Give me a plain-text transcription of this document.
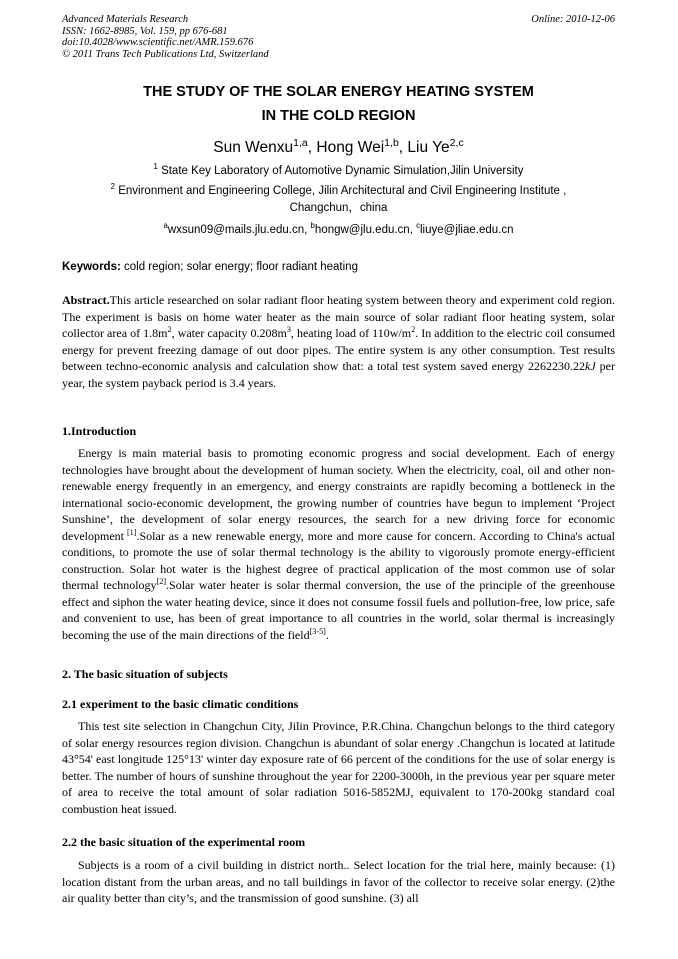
Advanced Materials Research
ISSN: 1662-8985, Vol. 159, pp 676-681
doi:10.4028/www.scientific.net/AMR.159.676
© 2011 Trans Tech Publications Ltd, Switzerland
Online: 2010-12-06
THE STUDY OF THE SOLAR ENERGY HEATING SYSTEM
IN THE COLD REGION
Sun Wenxu$^{1,a}$, Hong Wei$^{1,b}$, Liu Ye$^{2,c}$
$^1$ State Key Laboratory of Automotive Dynamic Simulation,Jilin University
$^2$ Environment and Engineering College, Jilin Architectural and Civil Engineering Institute ,
Changchun，china
$^a$wxsun09@mails.jlu.edu.cn, $^b$hongw@jlu.edu.cn, $^c$liuye@jliae.edu.cn
Keywords: cold region; solar energy; floor radiant heating

Abstract.This article researched on solar radiant floor heating system between theory and experiment cold region. The experiment is basis on home water heater as the main source of solar radiant floor heating system, solar collector area of $1.8m^2$, water capacity $0.208m^3$, heating load of $110w/m^2$. In addition to the electric coil consumed energy for prevent freezing damage of out door pipes. The entire system is any other consumption. Test results between techno-economic analysis and calculation show that: a total test system saved energy 2262230.22kJ per year, the system payback period is 3.4 years.

1.Introduction

Energy is main material basis to promoting economic progress and social development. Each of energy technologies have brought about the development of human society. When the electricity, coal, oil and other non-renewable energy frequently in an emergency, and energy constraints are rapidly becoming a bottleneck in the international socio-economic development, the growing number of countries have begun to implement ‘Project Sunshine’, the development of solar energy resources, the search for a new driving force for economic development [1].Solar as a new renewable energy, more and more cause for concern. According to China's actual conditions, to promote the use of solar thermal technology is the ability to vigorously promote energy-efficient construction. Solar hot water is the highest degree of practical application of the most common use of solar thermal technology[2].Solar water heater is solar thermal conversion, the use of the principle of the greenhouse effect and siphon the water heating device, since it does not consume fossil fuels and pollution-free, low price, safe and convenient to use, has been of great importance to all countries in the world, solar thermal is increasingly becoming the use of the main directions of the field[3-5].

2. The basic situation of subjects
2.1 experiment to the basic climatic conditions

This test site selection in Changchun City, Jilin Province, P.R.China. Changchun belongs to the third category of solar energy resources region division. Changchun is abundant of solar energy .Changchun is located at latitude 43°54' east longitude 125°13' winter day exposure rate of 66 percent of the conditions for the use of solar energy is better. The number of hours of sunshine throughout the year for 2200-3000h, in the previous year per square meter of area to receive the total amount of solar radiation 5016-5852MJ, equivalent to 170-200kg standard coal combustion heat issued.

2.2 the basic situation of the experimental room

Subjects is a room of a civil building in district north.. Select location for the trial here, mainly because: (1) location distant from the urban areas, and no tall buildings in favor of the collector to receive solar energy. (2)the air quality better than city’s, and the transmission of good sunshine. (3) all
